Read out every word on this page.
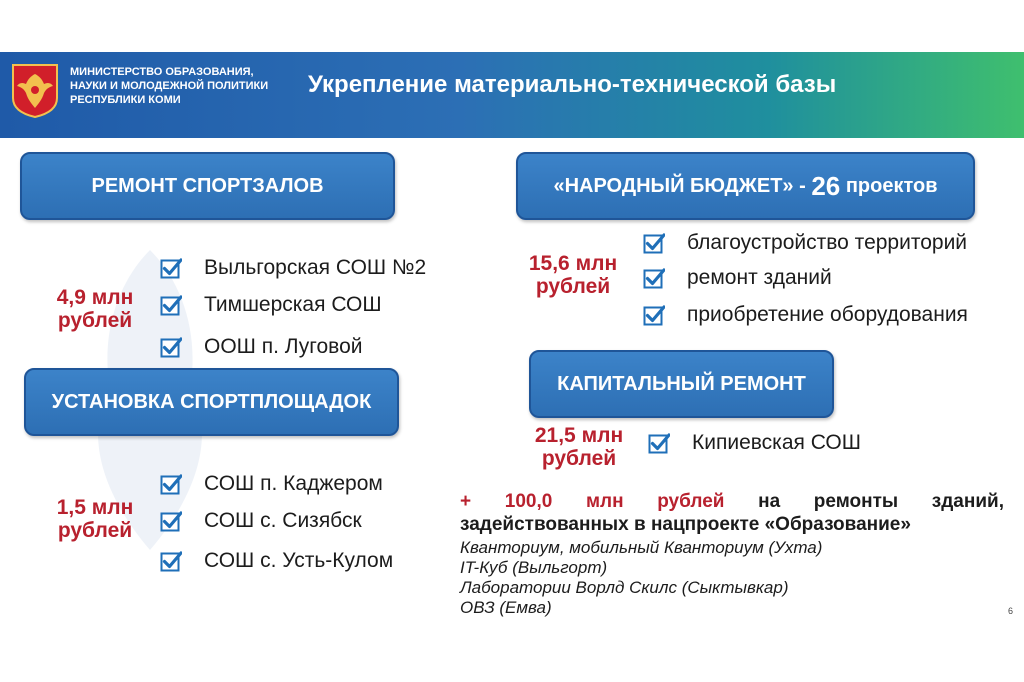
МИНИСТЕРСТВО ОБРАЗОВАНИЯ,
НАУКИ И МОЛОДЕЖНОЙ ПОЛИТИКИ
РЕСПУБЛИКИ КОМИ
Укрепление материально-технической базы
РЕМОНТ СПОРТЗАЛОВ
4,9 млн
рублей
Выльгорская СОШ №2
Тимшерская СОШ
ООШ п. Луговой
УСТАНОВКА СПОРТПЛОЩАДОК
1,5 млн
рублей
СОШ п. Каджером
СОШ с. Сизябск
СОШ с. Усть-Кулом
«НАРОДНЫЙ БЮДЖЕТ» - 26 проектов
15,6 млн
рублей
благоустройство территорий
ремонт зданий
приобретение оборудования
КАПИТАЛЬНЫЙ РЕМОНТ
21,5 млн
рублей
Кипиевская СОШ
+ 100,0 млн рублей на ремонты зданий,
задействованных в нацпроекте «Образование»
Кванториум, мобильный Кванториум (Ухта)
IT-Куб (Выльгорт)
Лаборатории Ворлд Скилс (Сыктывкар)
ОВЗ (Емва)	6
